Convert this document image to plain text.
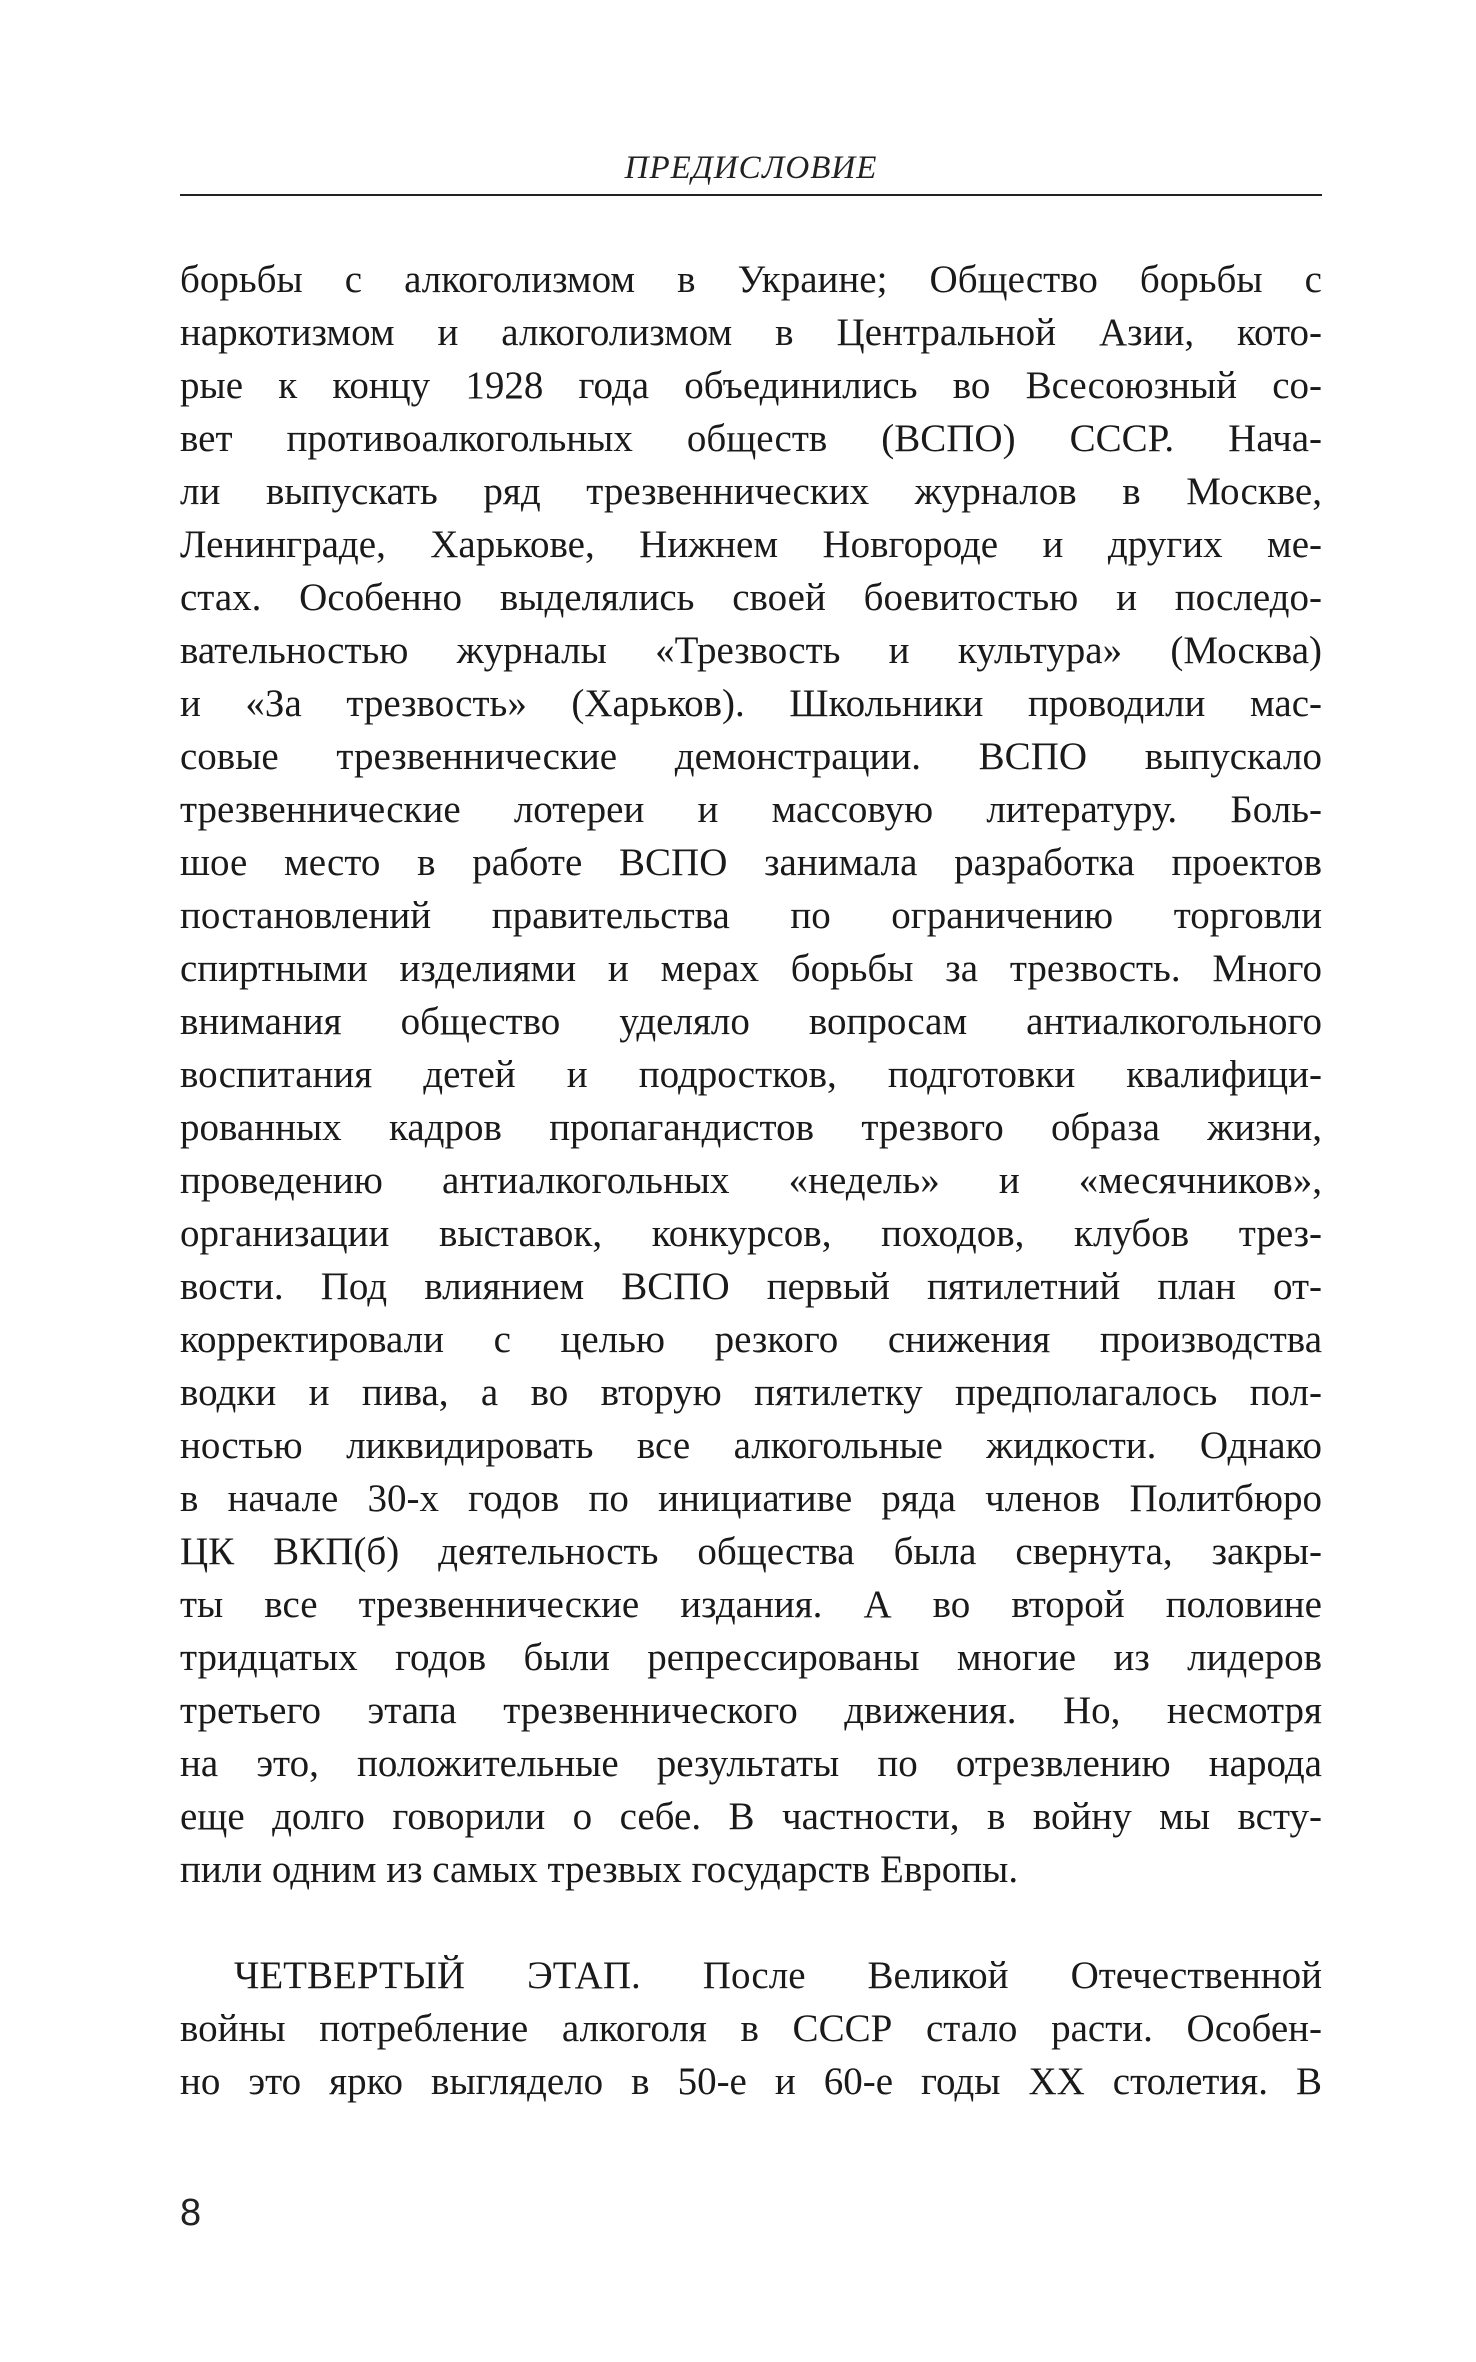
ПРЕДИСЛОВИЕ
борьбы с алкоголизмом в Украине; Общество борьбы с
наркотизмом и алкоголизмом в Центральной Азии, кото-
рые к концу 1928 года объединились во Всесоюзный со-
вет противоалкогольных обществ (ВСПО) СССР. Нача-
ли выпускать ряд трезвеннических журналов в Москве,
Ленинграде, Харькове, Нижнем Новгороде и других ме-
стах. Особенно выделялись своей боевитостью и последо-
вательностью журналы «Трезвость и культура» (Москва)
и «За трезвость» (Харьков). Школьники проводили мас-
совые трезвеннические демонстрации. ВСПО выпускало
трезвеннические лотереи и массовую литературу. Боль-
шое место в работе ВСПО занимала разработка проектов
постановлений правительства по ограничению торговли
спиртными изделиями и мерах борьбы за трезвость. Много
внимания общество уделяло вопросам антиалкогольного
воспитания детей и подростков, подготовки квалифици-
рованных кадров пропагандистов трезвого образа жизни,
проведению антиалкогольных «недель» и «месячников»,
организации выставок, конкурсов, походов, клубов трез-
вости. Под влиянием ВСПО первый пятилетний план от-
корректировали с целью резкого снижения производства
водки и пива, а во вторую пятилетку предполагалось пол-
ностью ликвидировать все алкогольные жидкости. Однако
в начале 30-х годов по инициативе ряда членов Политбюро
ЦК ВКП(б) деятельность общества была свернута, закры-
ты все трезвеннические издания. А во второй половине
тридцатых годов были репрессированы многие из лидеров
третьего этапа трезвеннического движения. Но, несмотря
на это, положительные результаты по отрезвлению народа
еще долго говорили о себе. В частности, в войну мы всту-
пили одним из самых трезвых государств Европы.
ЧЕТВЕРТЫЙ ЭТАП. После Великой Отечественной
войны потребление алкоголя в СССР стало расти. Особен-
но это ярко выглядело в 50-е и 60-е годы XX столетия. В
8
